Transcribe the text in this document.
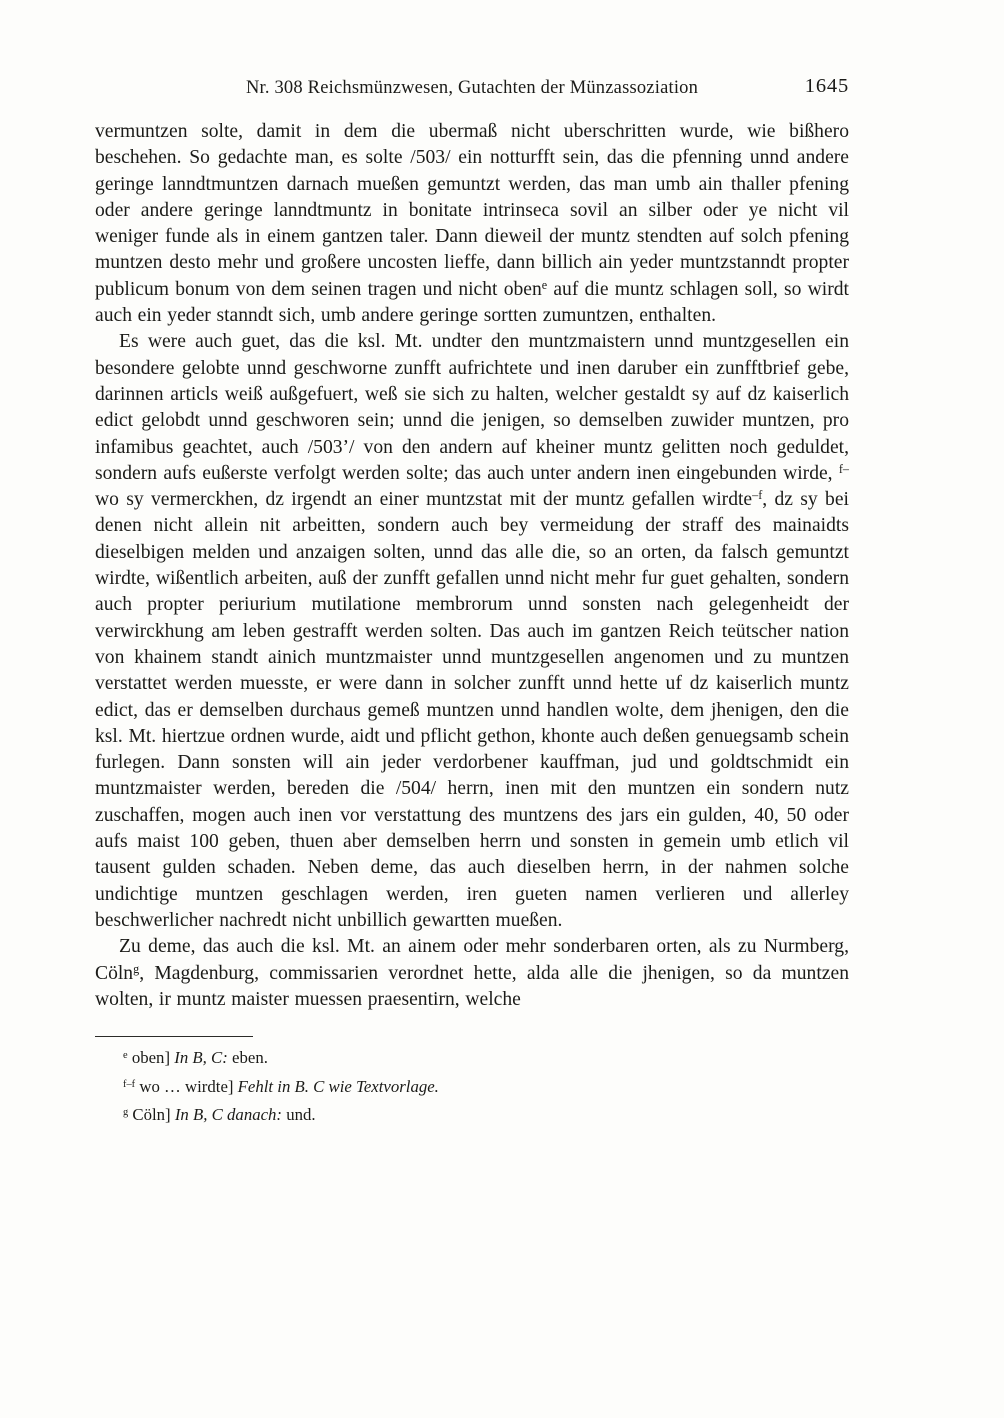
Nr. 308 Reichsmünzwesen, Gutachten der Münzassoziation	1645

vermuntzen solte, damit in dem die ubermaß nicht uberschritten wurde, wie bißhero beschehen. So gedachte man, es solte /503/ ein notturfft sein, das die pfenning unnd andere geringe lanndtmuntzen darnach mueßen gemuntzt werden, das man umb ain thaller pfening oder andere geringe lanndtmuntz in bonitate intrinseca sovil an silber oder ye nicht vil weniger funde als in einem gantzen taler. Dann dieweil der muntz stendten auf solch pfening muntzen desto mehr und großere uncosten lieffe, dann billich ain yeder muntzstanndt propter publicum bonum von dem seinen tragen und nicht oben$^e$ auf die muntz schlagen soll, so wirdt auch ein yeder stanndt sich, umb andere geringe sortten zumuntzen, enthalten.

Es were auch guet, das die ksl. Mt. undter den muntzmaistern unnd muntzgesellen ein besondere gelobte unnd geschworne zunfft aufrichtete und inen daruber ein zunfftbrief gebe, darinnen articls weiß außgefuert, weß sie sich zu halten, welcher gestaldt sy auf dz kaiserlich edict gelobdt unnd geschworen sein; unnd die jenigen, so demselben zuwider muntzen, pro infamibus geachtet, auch /503’/ von den andern auf kheiner muntz gelitten noch geduldet, sondern aufs eußerste verfolgt werden solte; das auch unter andern inen eingebunden wirde, $^{f-}$wo sy vermerckhen, dz irgendt an einer muntzstat mit der muntz gefallen wirdte$^{-f}$, dz sy bei denen nicht allein nit arbeitten, sondern auch bey vermeidung der straff des mainaidts dieselbigen melden und anzaigen solten, unnd das alle die, so an orten, da falsch gemuntzt wirdte, wißentlich arbeiten, auß der zunfft gefallen unnd nicht mehr fur guet gehalten, sondern auch propter periurium mutilatione membrorum unnd sonsten nach gelegenheidt der verwirckhung am leben gestrafft werden solten. Das auch im gantzen Reich teütscher nation von khainem standt ainich muntzmaister unnd muntzgesellen angenomen und zu muntzen verstattet werden muesste, er were dann in solcher zunfft unnd hette uf dz kaiserlich muntz edict, das er demselben durchaus gemeß muntzen unnd handlen wolte, dem jhenigen, den die ksl. Mt. hiertzue ordnen wurde, aidt und pflicht gethon, khonte auch deßen genuegsamb schein furlegen. Dann sonsten will ain jeder verdorbener kauffman, jud und goldtschmidt ein muntzmaister werden, bereden die /504/ herrn, inen mit den muntzen ein sondern nutz zuschaffen, mogen auch inen vor verstattung des muntzens des jars ein gulden, 40, 50 oder aufs maist 100 geben, thuen aber demselben herrn und sonsten in gemein umb etlich vil tausent gulden schaden. Neben deme, das auch dieselben herrn, in der nahmen solche undichtige muntzen geschlagen werden, iren gueten namen verlieren und allerley beschwerlicher nachredt nicht unbillich gewartten mueßen.

Zu deme, das auch die ksl. Mt. an ainem oder mehr sonderbaren orten, als zu Nurmberg, Cöln$^g$, Magdenburg, commissarien verordnet hette, alda alle die jhenigen, so da muntzen wolten, ir muntz maister muessen praesentirn, welche

$^e$ oben] In B, C: eben.

$^{f-f}$ wo … wirdte] Fehlt in B. C wie Textvorlage.

$^g$ Cöln] In B, C danach: und.
